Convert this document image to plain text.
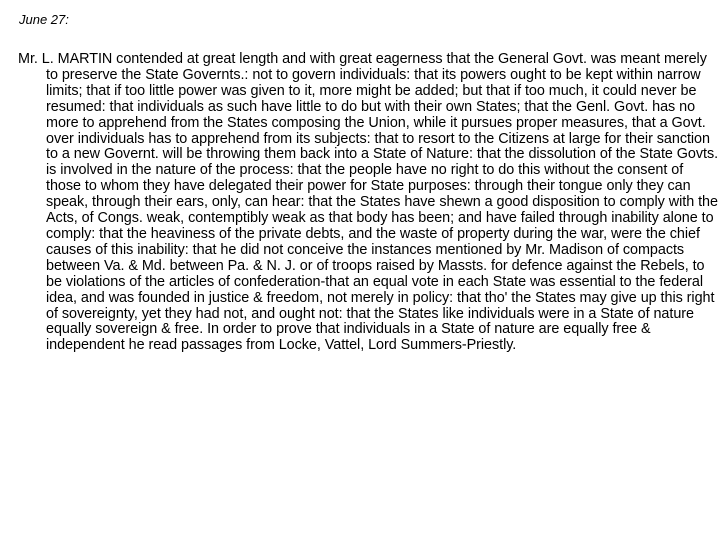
June 27:

Mr. L. MARTIN contended at great length and with great eagerness that the General Govt. was meant merely to preserve the State Governts.: not to govern individuals: that its powers ought to be kept within narrow limits; that if too little power was given to it, more might be added; but that if too much, it could never be resumed: that individuals as such have little to do but with their own States; that the Genl. Govt. has no more to apprehend from the States composing the Union, while it pursues proper measures, that a Govt. over individuals has to apprehend from its subjects: that to resort to the Citizens at large for their sanction to a new Governt. will be throwing them back into a State of Nature: that the dissolution of the State Govts. is involved in the nature of the process: that the people have no right to do this without the consent of those to whom they have delegated their power for State purposes: through their tongue only they can speak, through their ears, only, can hear: that the States have shewn a good disposition to comply with the Acts, of Congs. weak, contemptibly weak as that body has been; and have failed through inability alone to comply: that the heaviness of the private debts, and the waste of property during the war, were the chief causes of this inability: that he did not conceive the instances mentioned by Mr. Madison of compacts between Va. & Md. between Pa. & N. J. or of troops raised by Massts. for defence against the Rebels, to be violations of the articles of confederation-that an equal vote in each State was essential to the federal idea, and was founded in justice & freedom, not merely in policy: that tho' the States may give up this right of sovereignty, yet they had not, and ought not: that the States like individuals were in a State of nature equally sovereign & free. In order to prove that individuals in a State of nature are equally free & independent he read passages from Locke, Vattel, Lord Summers-Priestly.
